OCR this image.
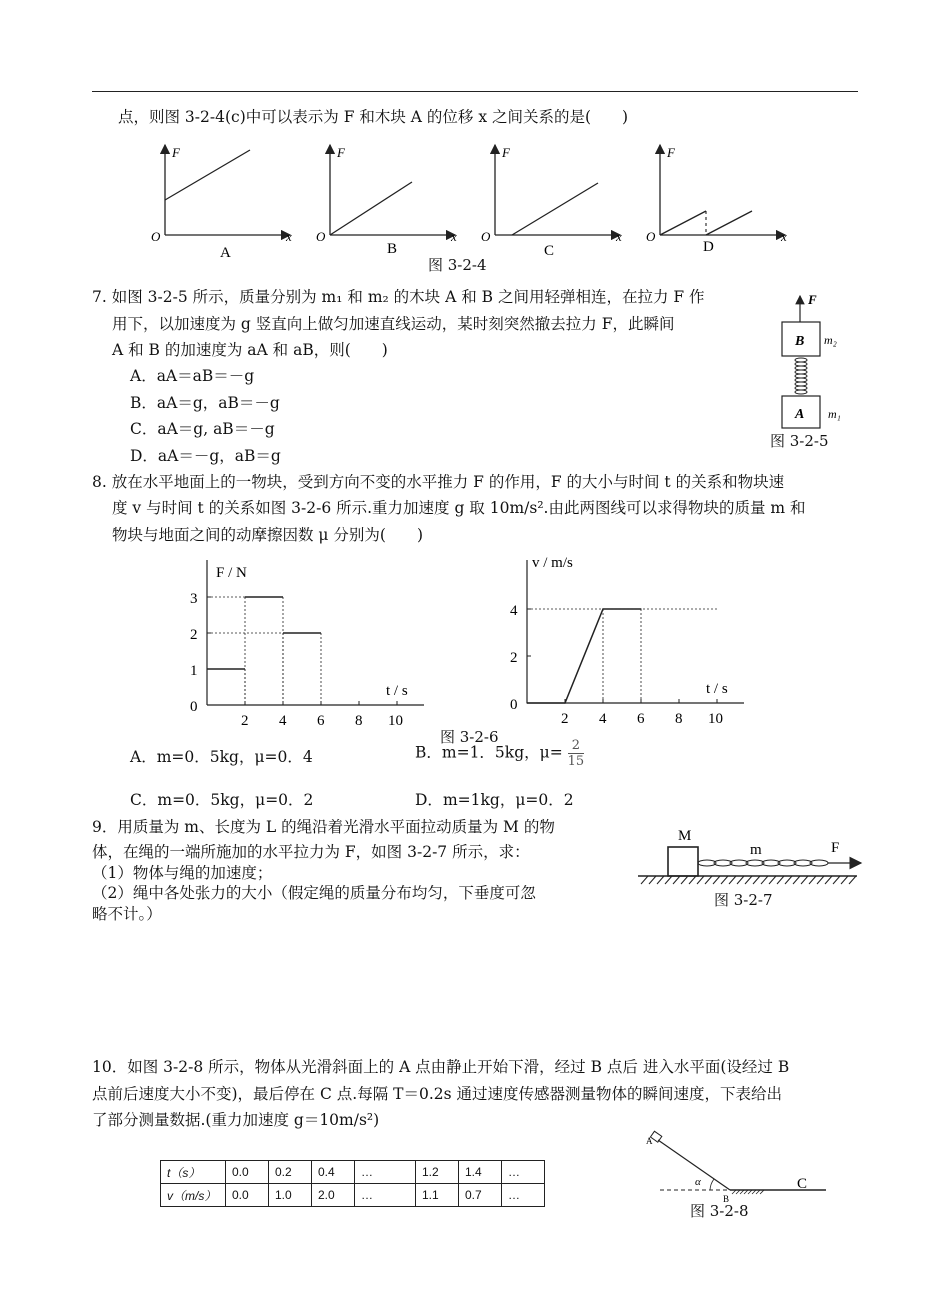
点，则图 3-2-4(c)中可以表示为 F 和木块 A 的位移 x 之间关系的是(　　)
F
O	x
A
F
O	x
B
F
O	x
C
F
O	x
D
图 3-2-4
7. 如图 3-2-5 所示，质量分别为 m₁ 和 m₂ 的木块 A 和 B 之间用轻弹相连，在拉力 F 作
用下，以加速度为 g 竖直向上做匀加速直线运动，某时刻突然撤去拉力 F，此瞬间
A 和 B 的加速度为 aA 和 aB，则(　　)
A．aA＝aB＝－g
B．aA＝g，aB＝－g
C．aA＝g, aB＝－g
D．aA＝－g，aB＝g
F
B m₂
A m₁
图 3-2-5
8. 放在水平地面上的一物块，受到方向不变的水平推力 F 的作用，F 的大小与时间 t 的关系和物块速
度 v 与时间 t 的关系如图 3-2-6 所示.重力加速度 g 取 10m/s².由此两图线可以求得物块的质量 m 和
物块与地面之间的动摩擦因数 μ 分别为(　　)
2 4 6 8 10
0
1
2
3
F / N
t / s
2 4 6 8 10
0
2
4
v / m/s
t / s
图 3-2-6
A．m=0．5kg，μ=0．4	B．m=1．5kg，$\mu= \frac{2}{15}$
C．m=0．5kg，μ=0．2	D．m=1kg，μ=0．2
9．用质量为 m、长度为 L 的绳沿着光滑水平面拉动质量为 M 的物
体，在绳的一端所施加的水平拉力为 F，如图 3-2-7 所示，求：
（1）物体与绳的加速度；
（2）绳中各处张力的大小（假定绳的质量分布均匀，下垂度可忽
略不计。）
M
m	F
图 3-2-7
10．如图 3-2-8 所示，物体从光滑斜面上的 A 点由静止开始下滑，经过 B 点后 进入水平面(设经过 B
点前后速度大小不变)，最后停在 C 点.每隔 T＝0.2s 通过速度传感器测量物体的瞬间速度，下表给出
了部分测量数据.(重力加速度 g＝10m/s²)
t（s）	0.0	0.2	0.4	…	1.2	1.4	…
v（m/s）	0.0	1.0	2.0	…	1.1	0.7	…
A
α
B
C
图 3-2-8
